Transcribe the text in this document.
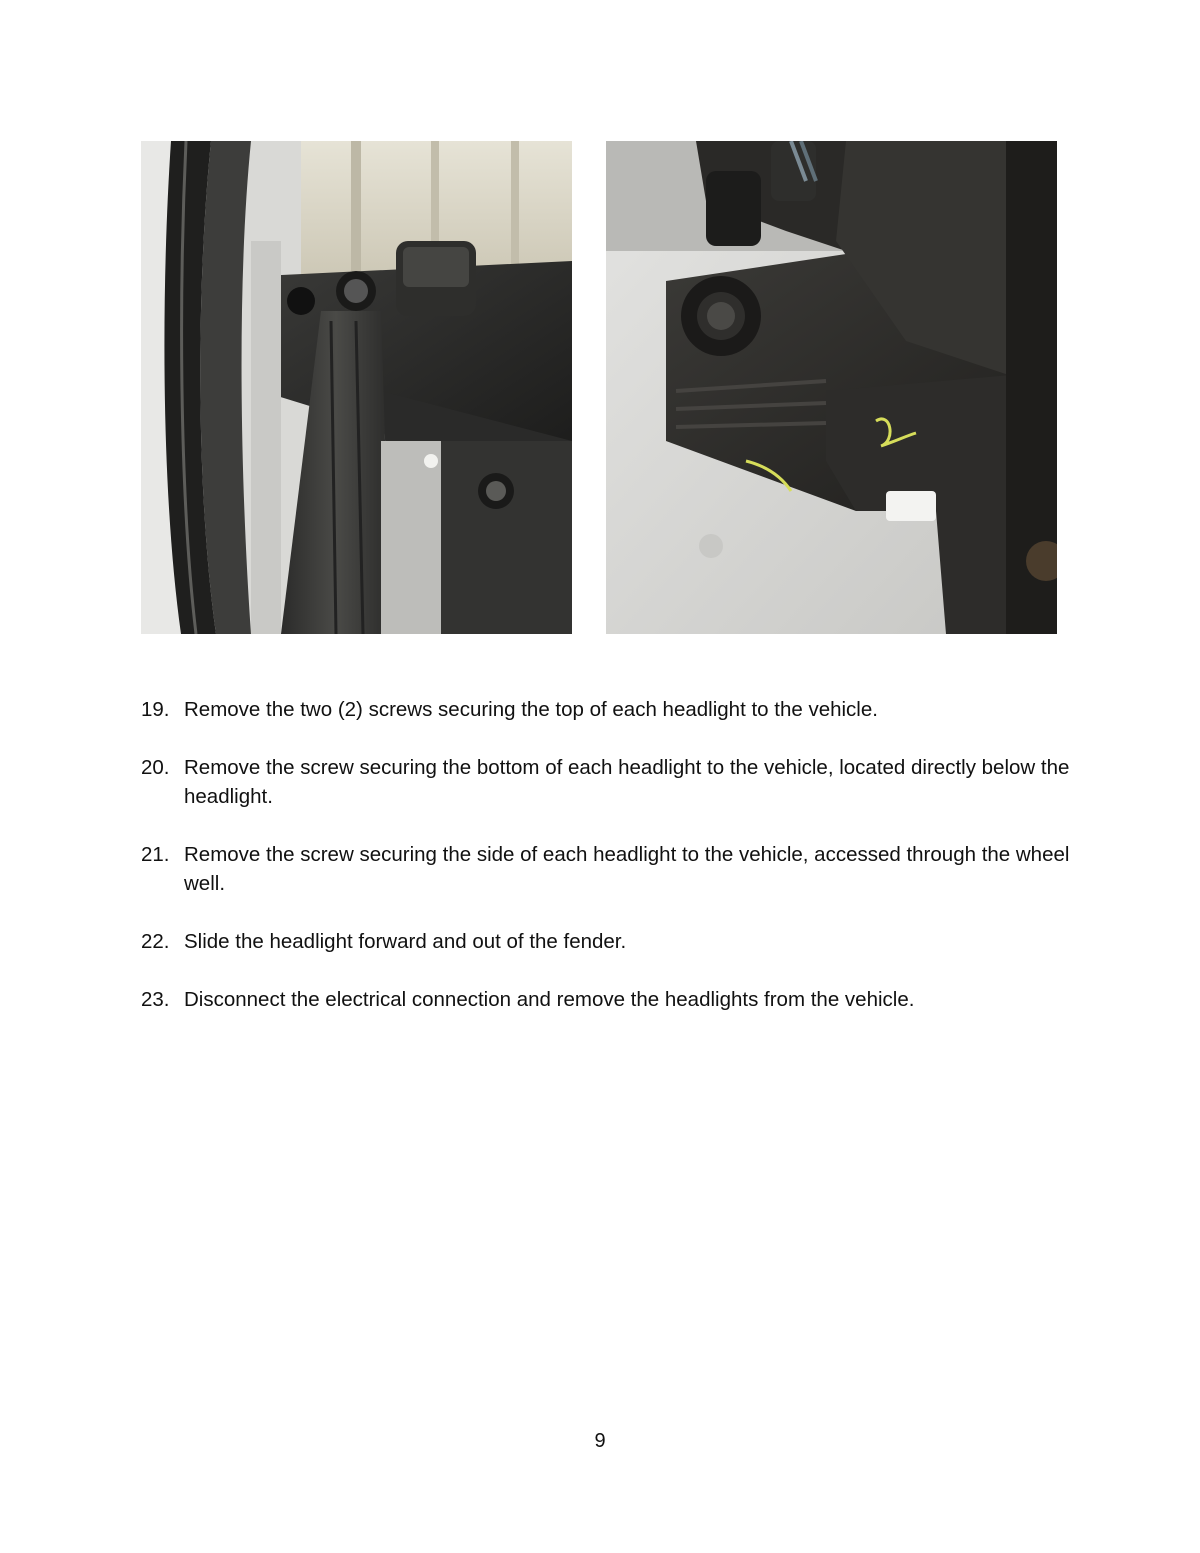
19. Remove the two (2) screws securing the top of each headlight to the vehicle.
20. Remove the screw securing the bottom of each headlight to the vehicle, located directly below the headlight.
21. Remove the screw securing the side of each headlight to the vehicle, accessed through the wheel well.
22. Slide the headlight forward and out of the fender.
23. Disconnect the electrical connection and remove the headlights from the vehicle.
9
